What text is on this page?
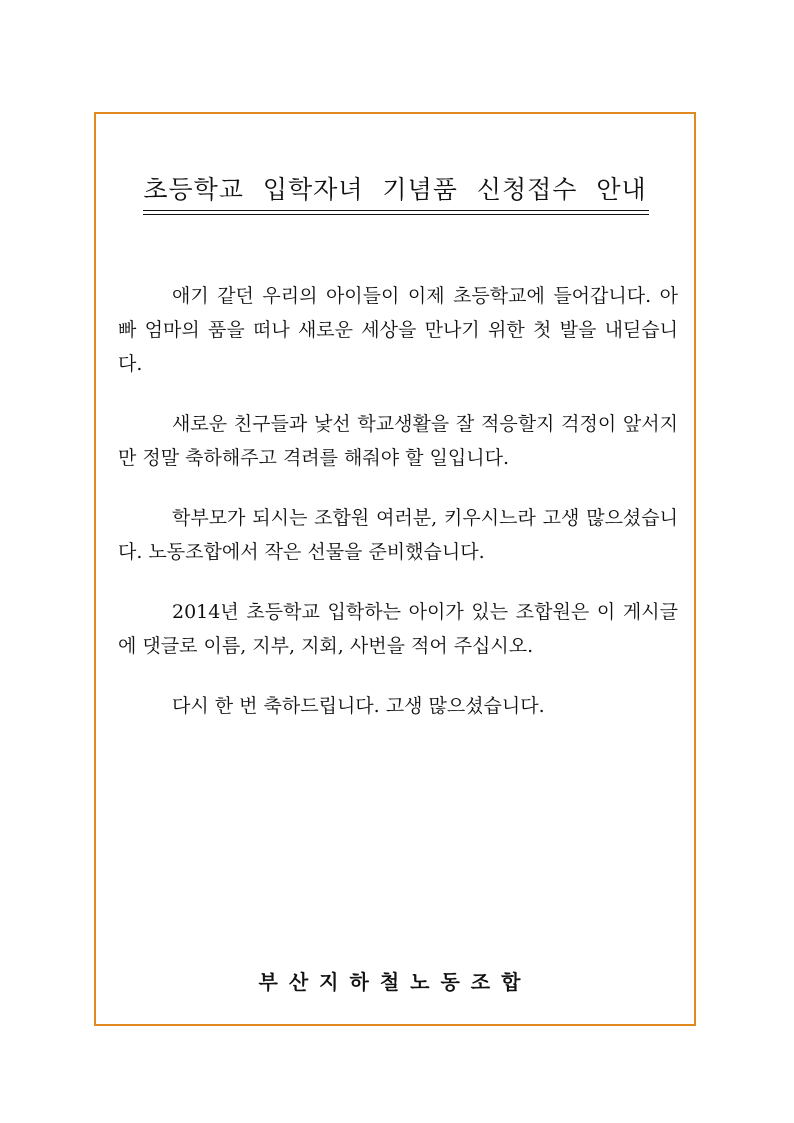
초등학교 입학자녀 기념품 신청접수 안내

애기 같던 우리의 아이들이 이제 초등학교에 들어갑니다. 아빠 엄마의 품을 떠나 새로운 세상을 만나기 위한 첫 발을 내딛습니다.

새로운 친구들과 낯선 학교생활을 잘 적응할지 걱정이 앞서지만 정말 축하해주고 격려를 해줘야 할 일입니다.

학부모가 되시는 조합원 여러분, 키우시느라 고생 많으셨습니다. 노동조합에서 작은 선물을 준비했습니다.

2014년 초등학교 입학하는 아이가 있는 조합원은 이 게시글에 댓글로 이름, 지부, 지회, 사번을 적어 주십시오.

다시 한 번 축하드립니다. 고생 많으셨습니다.

부산지하철노동조합
